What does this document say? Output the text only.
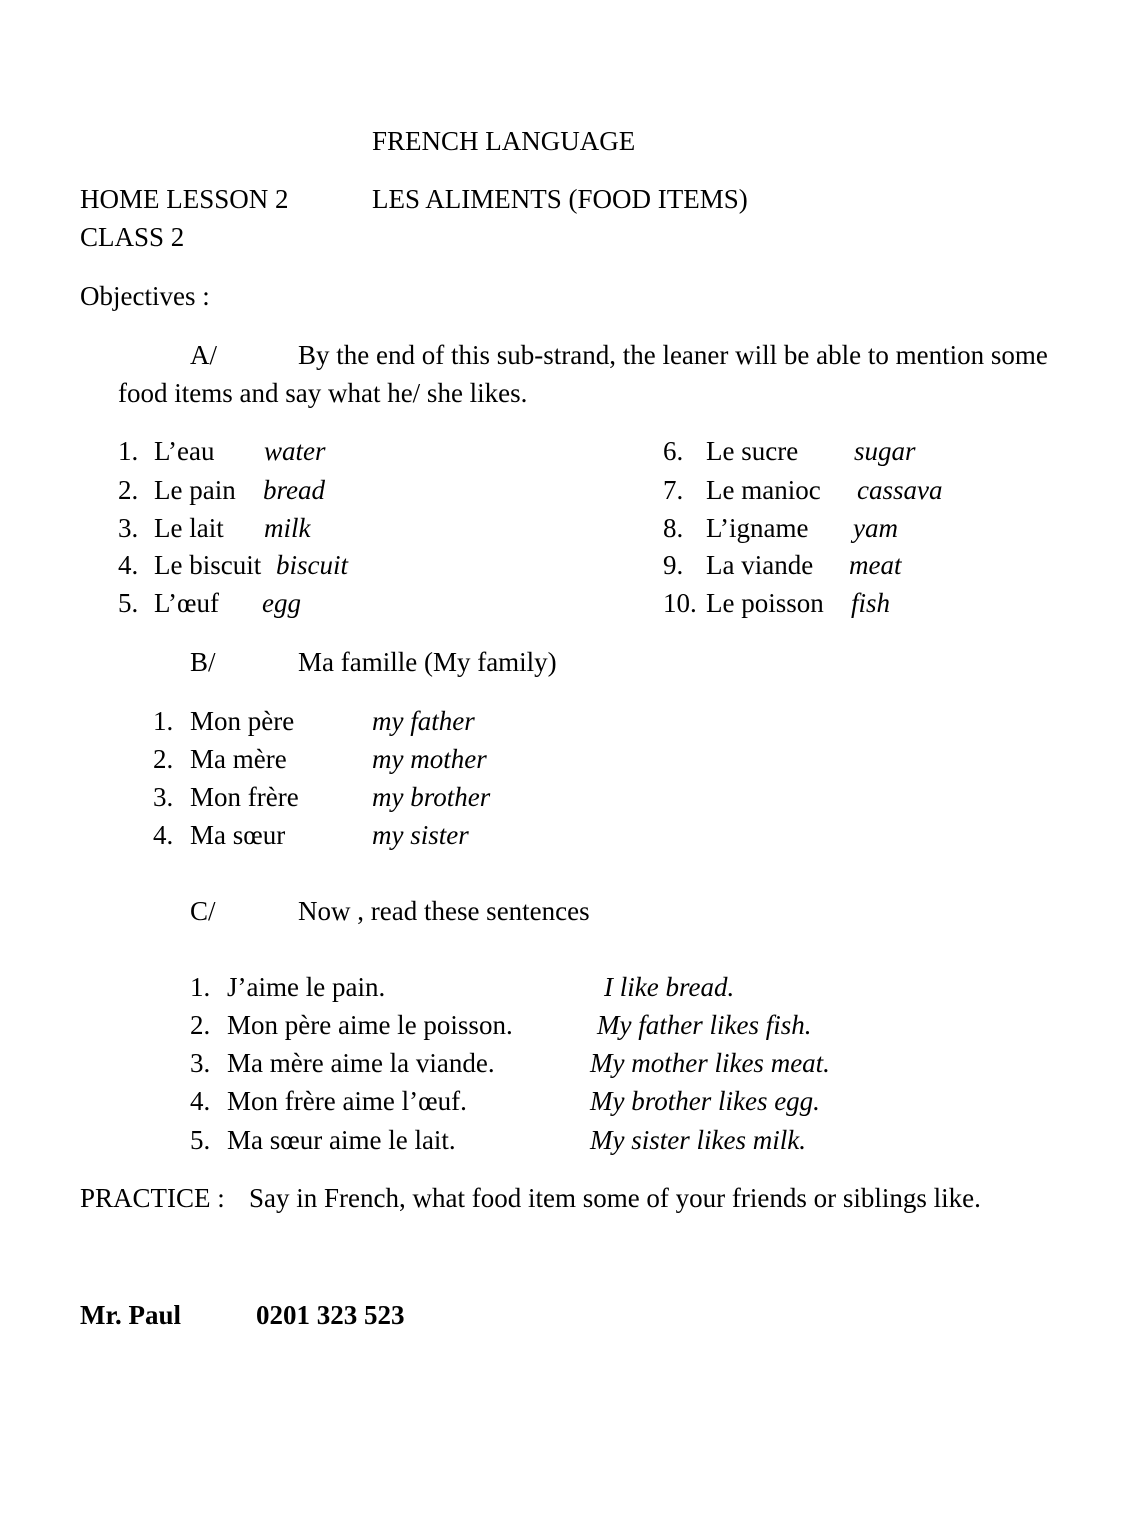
FRENCH LANGUAGE
HOME LESSON 2	LES ALIMENTS (FOOD ITEMS)
CLASS 2
Objectives :
A/	By the end of this sub-strand, the leaner will be able to mention some
food items and say what he/ she likes.
1. L’eau water
2. Le pain bread
3. Le lait milk
4. Le biscuit biscuit
5. L’œuf egg
6. Le sucre sugar
7. Le manioc cassava
8. L’igname yam
9. La viande meat
10. Le poisson fish
B/	Ma famille (My family)
1. Mon père	my father
2. Ma mère	my mother
3. Mon frère	my brother
4. Ma sœur	my sister
C/	Now , read these sentences
1. J’aime le pain.	I like bread.
2. Mon père aime le poisson.	My father likes fish.
3. Ma mère aime la viande.	My mother likes meat.
4. Mon frère aime l’œuf.	My brother likes egg.
5. Ma sœur aime le lait.	My sister likes milk.
PRACTICE : Say in French, what food item some of your friends or siblings like.
Mr. Paul	0201 323 523
